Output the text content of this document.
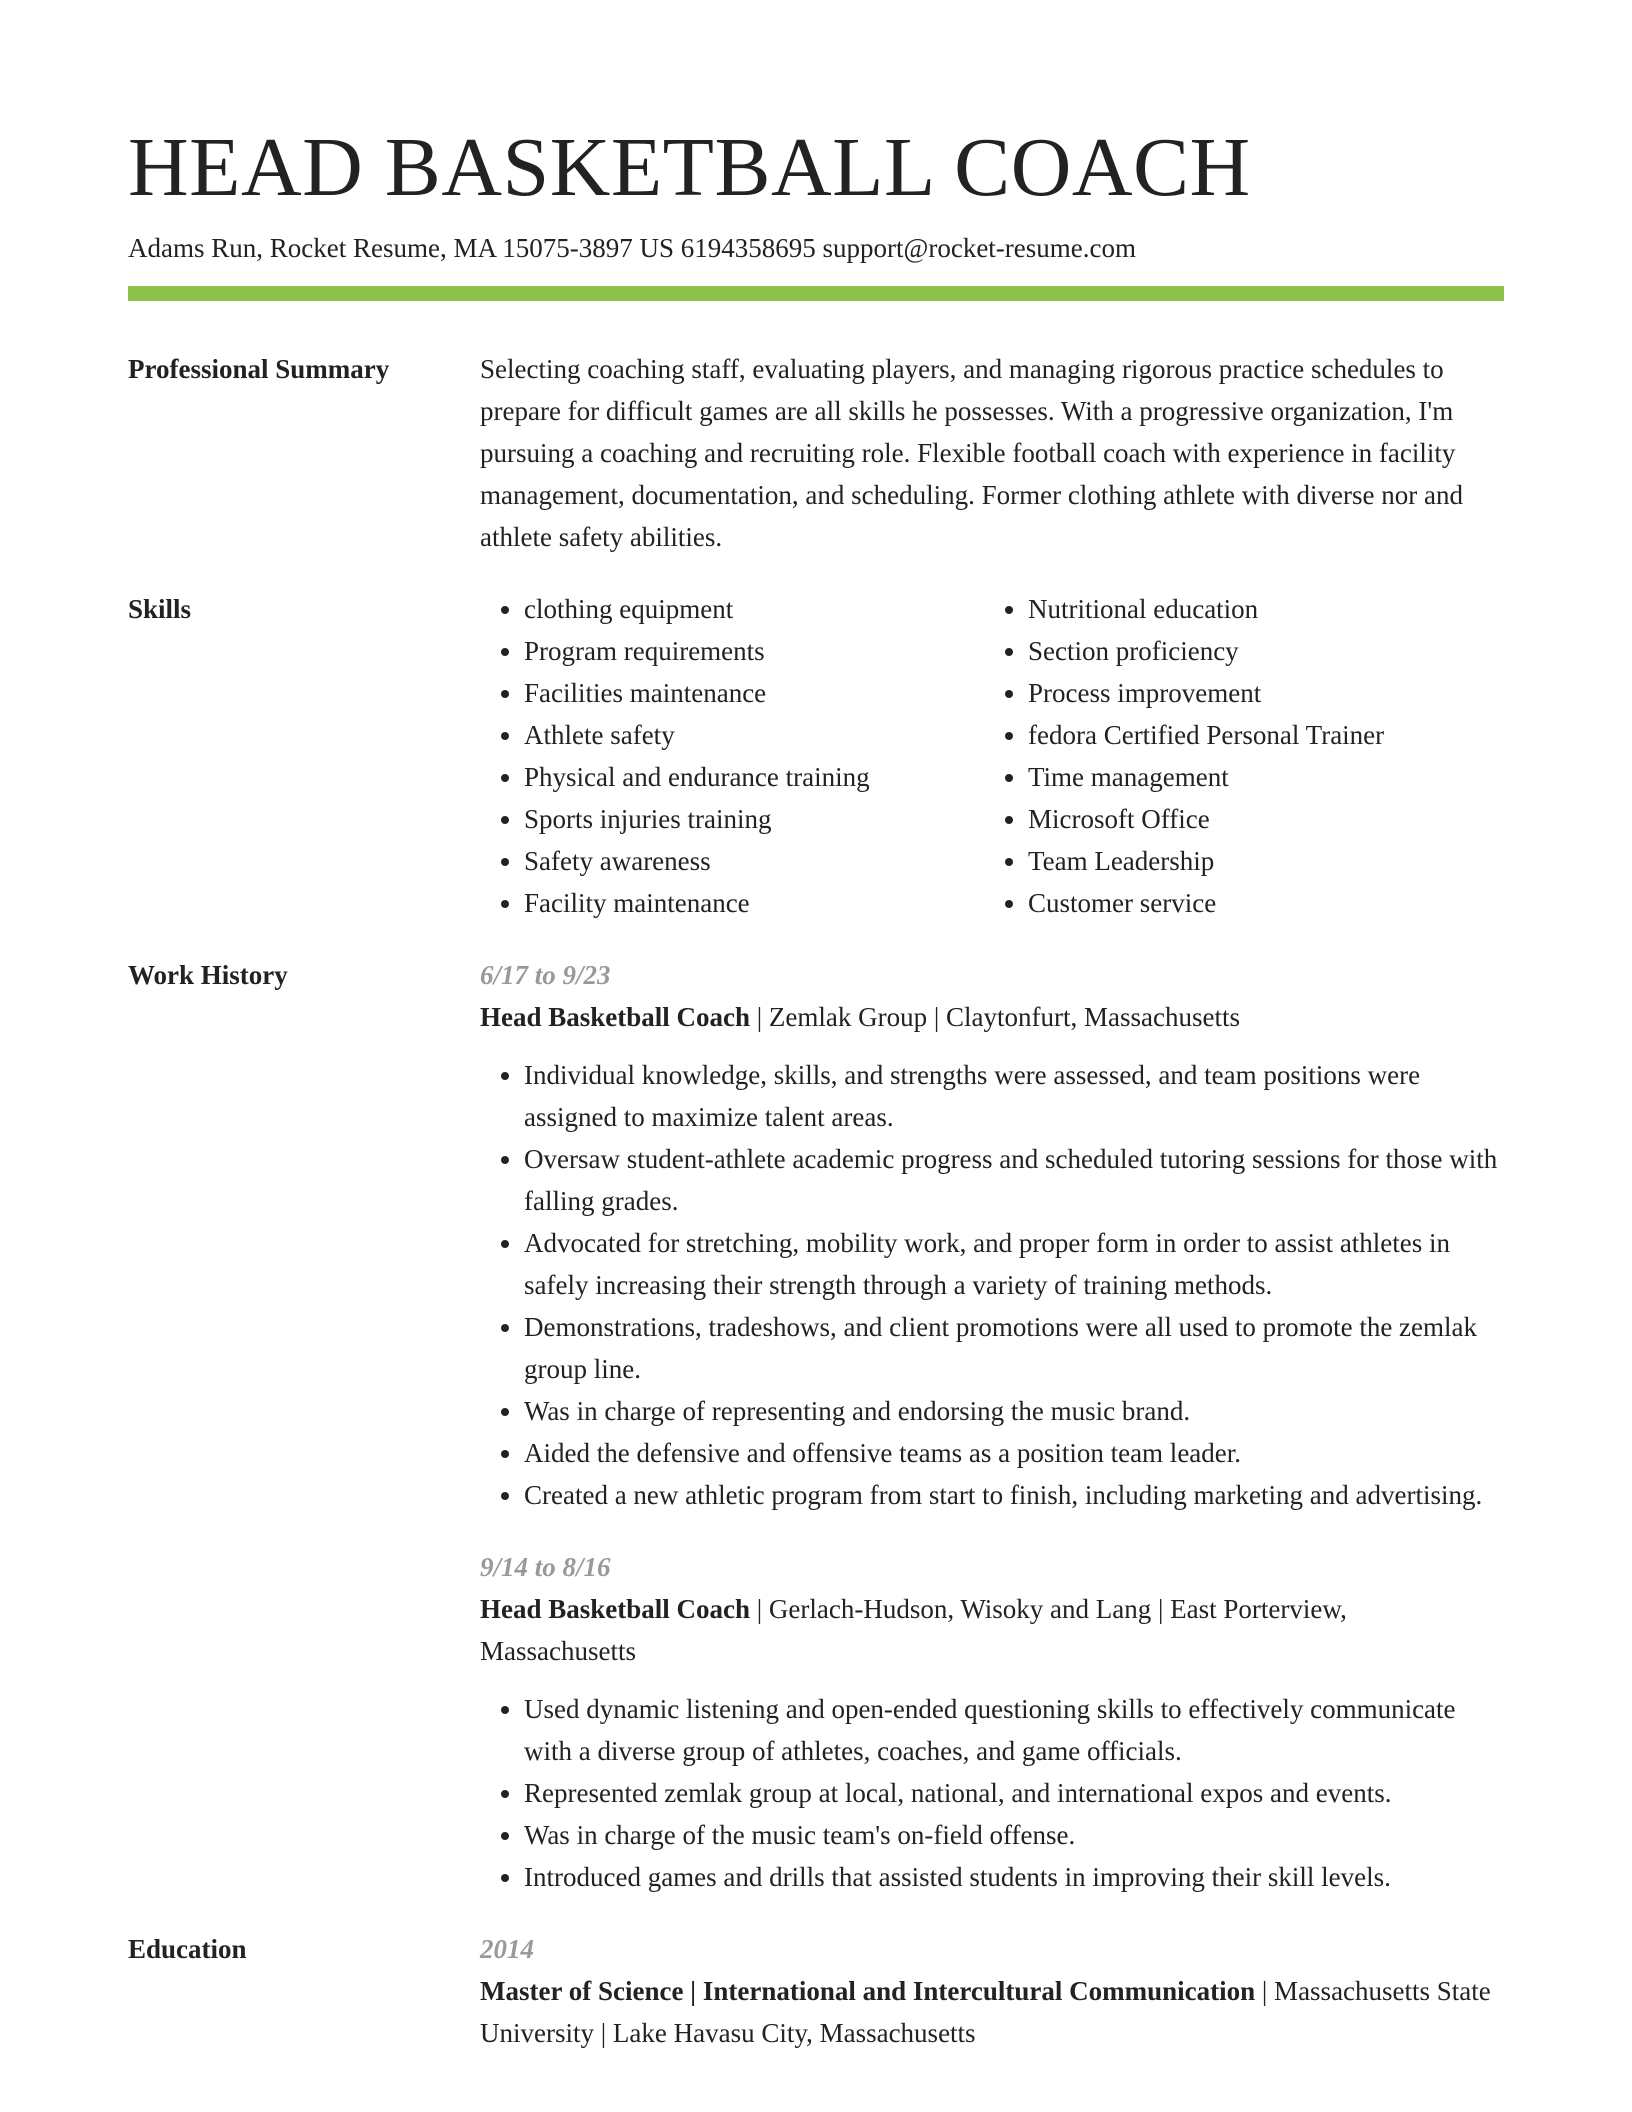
HEAD BASKETBALL COACH
Adams Run, Rocket Resume, MA 15075-3897 US 6194358695 support@rocket-resume.com
Professional Summary	Selecting coaching staff, evaluating players, and managing rigorous practice schedules to prepare for difficult games are all skills he possesses. With a progressive organization, I'm pursuing a coaching and recruiting role. Flexible football coach with experience in facility management, documentation, and scheduling. Former clothing athlete with diverse nor and athlete safety abilities.

Skills
•	clothing equipment
• Program requirements
• Facilities maintenance
• Athlete safety
• Physical and endurance training
• Sports injuries training
• Safety awareness
• Facility maintenance
• Nutritional education
• Section proficiency
• Process improvement
• fedora Certified Personal Trainer
• Time management
• Microsoft Office
• Team Leadership
• Customer service
Work History	6/17 to 9/23
Head Basketball Coach | Zemlak Group | Claytonfurt, Massachusetts
• Individual knowledge, skills, and strengths were assessed, and team positions were assigned to maximize talent areas.
• Oversaw student-athlete academic progress and scheduled tutoring sessions for those with falling grades.
• Advocated for stretching, mobility work, and proper form in order to assist athletes in safely increasing their strength through a variety of training methods.
• Demonstrations, tradeshows, and client promotions were all used to promote the zemlak group line.
• Was in charge of representing and endorsing the music brand.
• Aided the defensive and offensive teams as a position team leader.
• Created a new athletic program from start to finish, including marketing and advertising.
9/14 to 8/16
Head Basketball Coach | Gerlach-Hudson, Wisoky and Lang | East Porterview, Massachusetts
• Used dynamic listening and open-ended questioning skills to effectively communicate with a diverse group of athletes, coaches, and game officials.
• Represented zemlak group at local, national, and international expos and events.
• Was in charge of the music team's on-field offense.
• Introduced games and drills that assisted students in improving their skill levels.
Education	2014
Master of Science | International and Intercultural Communication | Massachusetts State University | Lake Havasu City, Massachusetts
